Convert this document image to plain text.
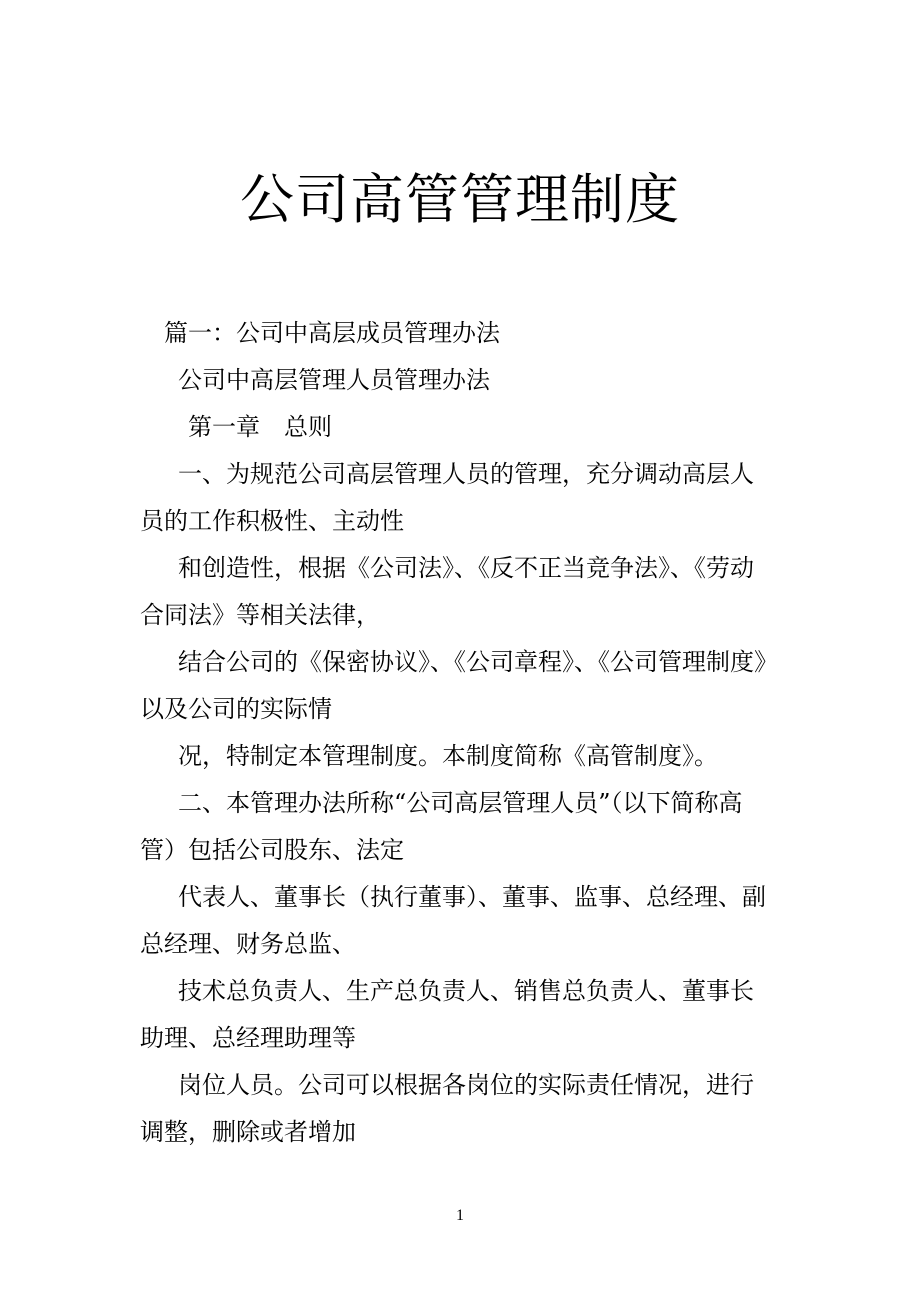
公司高管管理制度

篇一：公司中高层成员管理办法

公司中高层管理人员管理办法

第一章　总则

一、为规范公司高层管理人员的管理，充分调动高层人

员的工作积极性、主动性

和创造性，根据《公司法》、《反不正当竞争法》、《劳动

合同法》等相关法律，

结合公司的《保密协议》、《公司章程》、《公司管理制度》

以及公司的实际情

况，特制定本管理制度。本制度简称《高管制度》。

二、本管理办法所称“公司高层管理人员”（以下简称高

管）包括公司股东、法定

代表人、董事长（执行董事）、董事、监事、总经理、副

总经理、财务总监、

技术总负责人、生产总负责人、销售总负责人、董事长

助理、总经理助理等

岗位人员。公司可以根据各岗位的实际责任情况，进行

调整，删除或者增加

1
